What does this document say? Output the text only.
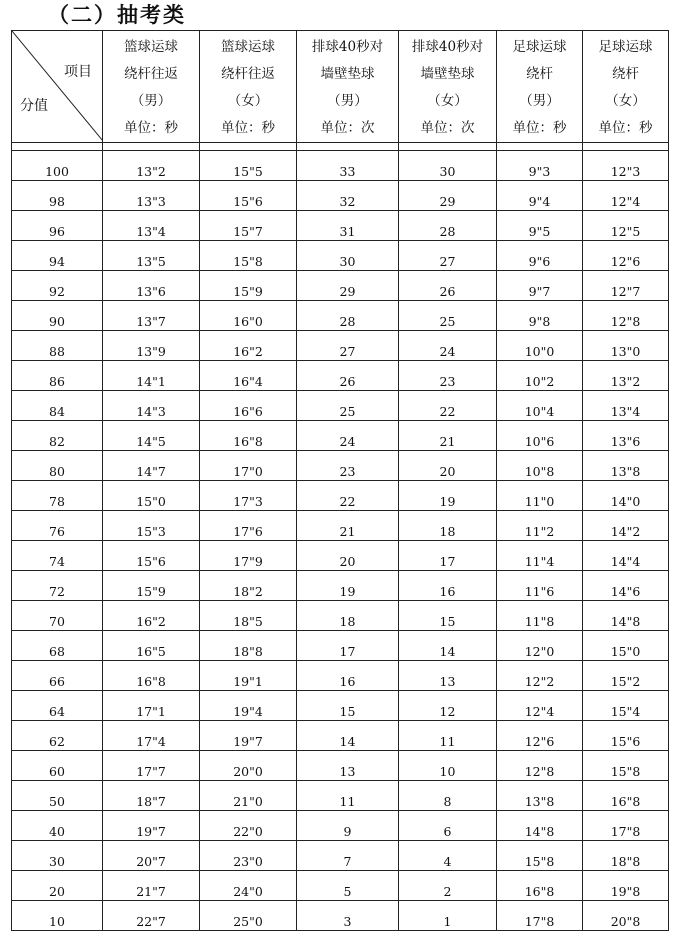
（二）抽考类
项目
分值	篮球运球
绕杆往返
（男）
单位：秒	篮球运球
绕杆往返
（女）
单位：秒	排球40秒对
墙壁垫球
（男）
单位：次	排球40秒对
墙壁垫球
（女）
单位：次	足球运球
绕杆
（男）
单位：秒	足球运球
绕杆
（女）
单位：秒

100	13"2	15"5	33	30	9"3	12"3
98	13"3	15"6	32	29	9"4	12"4
96	13"4	15"7	31	28	9"5	12"5
94	13"5	15"8	30	27	9"6	12"6
92	13"6	15"9	29	26	9"7	12"7
90	13"7	16"0	28	25	9"8	12"8
88	13"9	16"2	27	24	10"0	13"0
86	14"1	16"4	26	23	10"2	13"2
84	14"3	16"6	25	22	10"4	13"4
82	14"5	16"8	24	21	10"6	13"6
80	14"7	17"0	23	20	10"8	13"8
78	15"0	17"3	22	19	11"0	14"0
76	15"3	17"6	21	18	11"2	14"2
74	15"6	17"9	20	17	11"4	14"4
72	15"9	18"2	19	16	11"6	14"6
70	16"2	18"5	18	15	11"8	14"8
68	16"5	18"8	17	14	12"0	15"0
66	16"8	19"1	16	13	12"2	15"2
64	17"1	19"4	15	12	12"4	15"4
62	17"4	19"7	14	11	12"6	15"6
60	17"7	20"0	13	10	12"8	15"8
50	18"7	21"0	11	8	13"8	16"8
40	19"7	22"0	9	6	14"8	17"8
30	20"7	23"0	7	4	15"8	18"8
20	21"7	24"0	5	2	16"8	19"8
10	22"7	25"0	3	1	17"8	20"8
